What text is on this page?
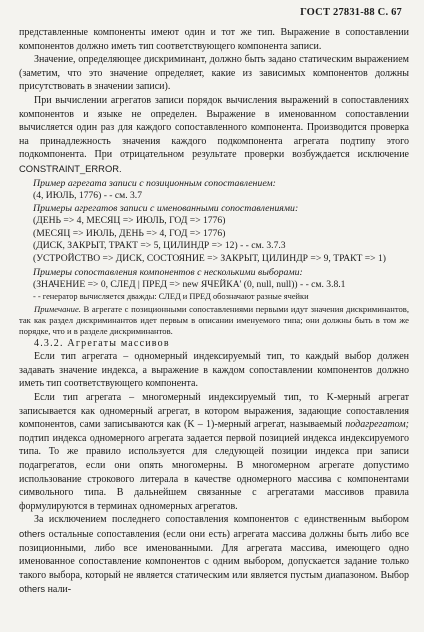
ГОСТ 27831-88 С. 67

представленные компоненты имеют один и тот же тип. Выражение в сопоставлении компонентов должно иметь тип соответствующего компонента записи.

Значение, определяющее дискриминант, должно быть задано статическим выражением (заметим, что это значение определяет, какие из зависимых компонентов должны присутствовать в значении записи).

При вычислении агрегатов записи порядок вычисления выражений в сопоставлениях компонентов и языке не определен. Выражение в именованном сопоставлении вычисляется один раз для каждого сопоставленного компонента. Производится проверка на принадлежность значения каждого подкомпонента агрегата подтипу этого подкомпонента. При отрицательном результате проверки возбуждается исключение CONSTRAINT_ERROR.

Пример агрегата записи с позиционным сопоставлением:

(4, ИЮЛЬ, 1776) - - см. 3.7

Примеры агрегатов записи с именованными сопоставлениями:

(ДЕНЬ => 4, МЕСЯЦ => ИЮЛЬ, ГОД => 1776)

(МЕСЯЦ => ИЮЛЬ, ДЕНЬ => 4, ГОД => 1776)

(ДИСК, ЗАКРЫТ, ТРАКТ => 5, ЦИЛИНДР => 12) - - см. 3.7.3

(УСТРОЙСТВО => ДИСК, СОСТОЯНИЕ => ЗАКРЫТ, ЦИЛИНДР => 9, ТРАКТ => 1)

Примеры сопоставления компонентов с несколькими выборами:

(ЗНАЧЕНИЕ => 0, СЛЕД | ПРЕД => new ЯЧЕЙКА' (0, null, null)) - - см. 3.8.1

- - генератор вычисляется дважды: СЛЕД и ПРЕД обозначают разные ячейки

Примечание. В агрегате с позиционными сопоставлениями первыми идут значения дискриминантов, так как раздел дискриминантов идет первым в описании именуемого типа; они должны быть в том же порядке, что и в разделе дискриминантов.

4.3.2. Агрегаты массивов

Если тип агрегата – одномерный индексируемый тип, то каждый выбор должен задавать значение индекса, а выражение в каждом сопоставлении компонентов должно иметь тип соответствующего компонента.

Если тип агрегата – многомерный индексируемый тип, то K-мерный агрегат записывается как одномерный агрегат, в котором выражения, задающие сопоставления компонентов, сами записываются как (K – 1)-мерный агрегат, называемый подагрегатом; подтип индекса одномерного агрегата задается первой позицией индекса индексируемого типа. То же правило используется для следующей позиции индекса при записи подагрегатов, если они опять многомерны. В многомерном агрегате допустимо использование строкового литерала в качестве одномерного массива с компонентами символьного типа. В дальнейшем связанные с агрегатами массивов правила формулируются в терминах одномерных агрегатов.

За исключением последнего сопоставления компонентов с единственным выбором others остальные сопоставления (если они есть) агрегата массива должны быть либо все позиционными, либо все именованными. Для агрегата массива, имеющего одно именованное сопоставление компонентов с одним выбором, допускается задание только такого выбора, который не является статическим или является пустым диапазоном. Выбор others нали-
